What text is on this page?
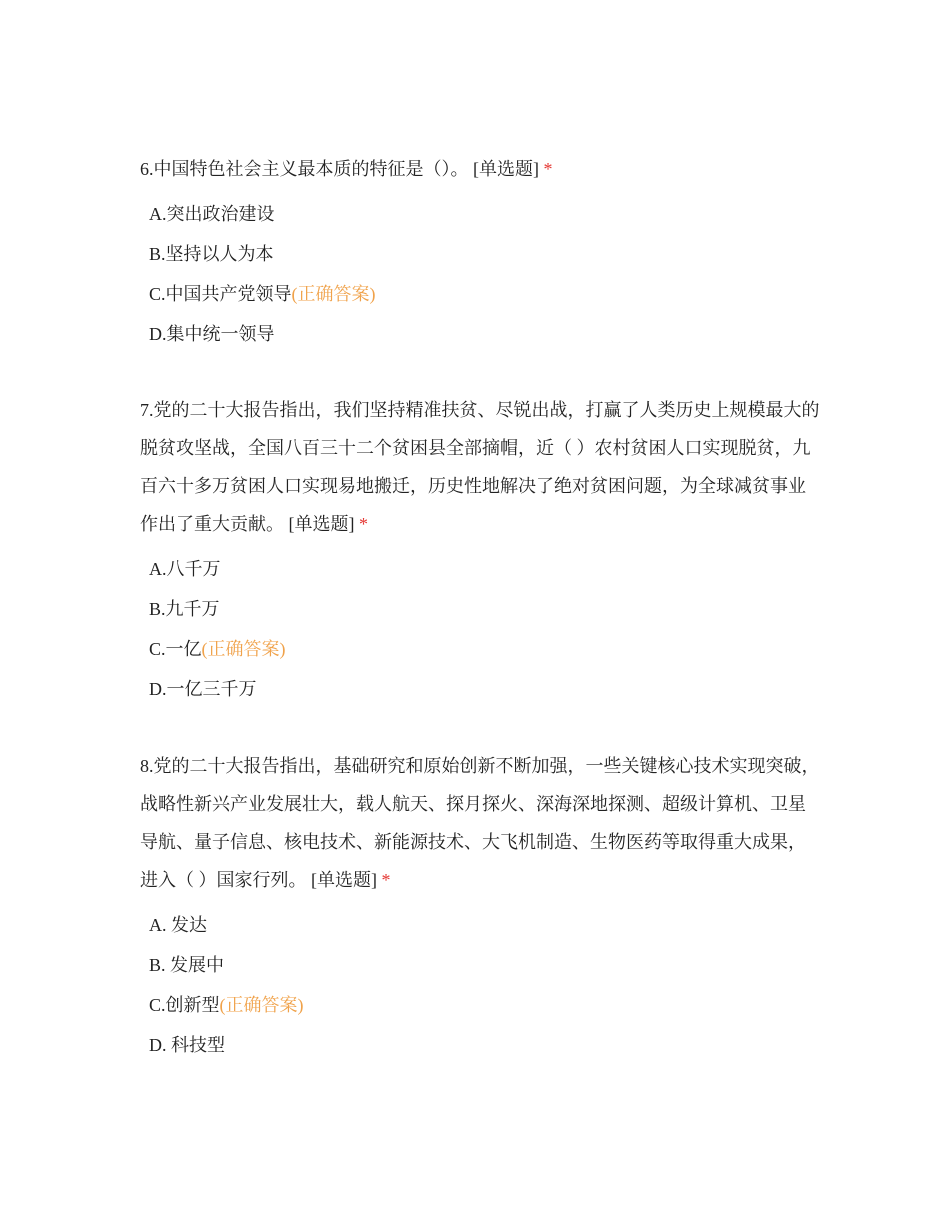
6.中国特色社会主义最本质的特征是（）。 [单选题] *

A.突出政治建设
B.坚持以人为本
C.中国共产党领导(正确答案)
D.集中统一领导

7.党的二十大报告指出，我们坚持精准扶贫、尽锐出战，打赢了人类历史上规模最大的脱贫攻坚战，全国八百三十二个贫困县全部摘帽，近（ ）农村贫困人口实现脱贫，九百六十多万贫困人口实现易地搬迁，历史性地解决了绝对贫困问题，为全球减贫事业作出了重大贡献。 [单选题] *

A.八千万
B.九千万
C.一亿(正确答案)
D.一亿三千万

8.党的二十大报告指出，基础研究和原始创新不断加强，一些关键核心技术实现突破，战略性新兴产业发展壮大，载人航天、探月探火、深海深地探测、超级计算机、卫星导航、量子信息、核电技术、新能源技术、大飞机制造、生物医药等取得重大成果，进入（ ）国家行列。 [单选题] *

A. 发达
B. 发展中
C.创新型(正确答案)
D. 科技型
